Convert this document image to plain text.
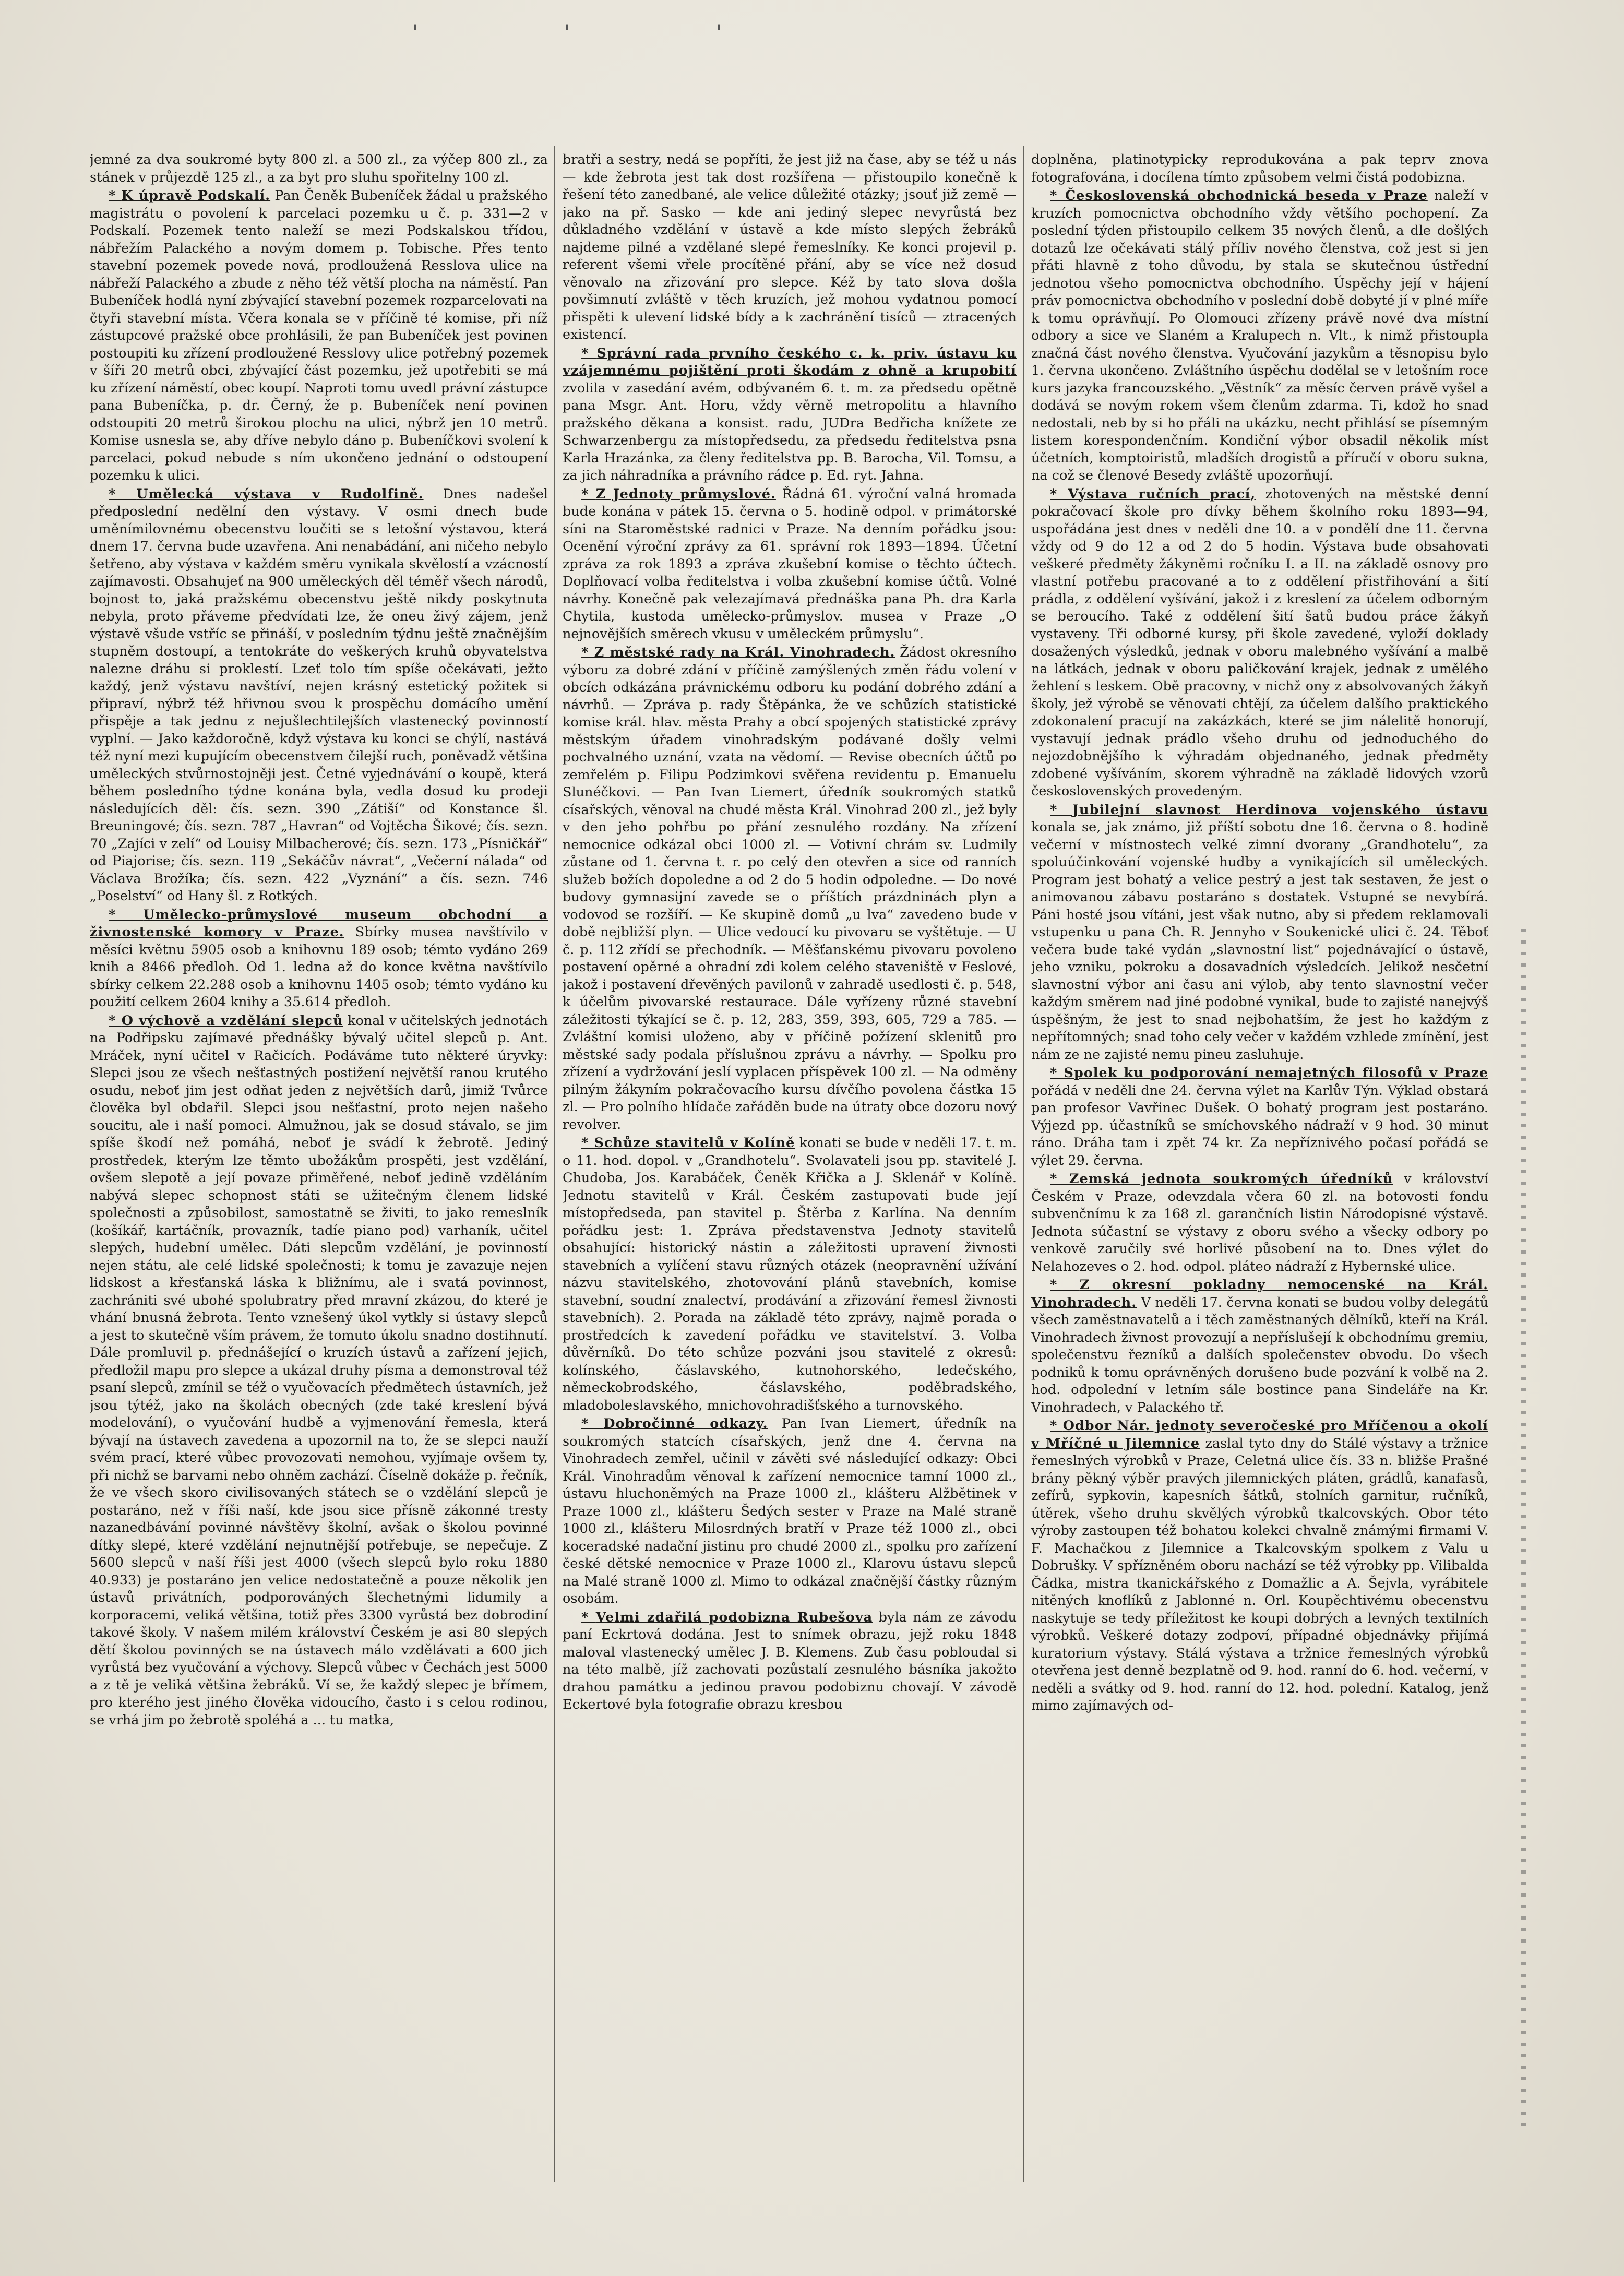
'''

jemné za dva soukromé byty 800 zl. a 500 zl., za výčep 800 zl., za stánek v průjezdě 125 zl., a za byt pro sluhu spořitelny 100 zl.

* K úpravě Podskalí. Pan Čeněk Bubeníček žádal u pražského magistrátu o povolení k parcelaci pozemku u č. p. 331—2 v Podskalí. Pozemek tento naleží se mezi Podskalskou třídou, nábřežím Palackého a novým domem p. Tobische. Přes tento stavební pozemek povede nová, prodloužená Resslova ulice na nábřeží Palackého a zbude z něho též větší plocha na náměstí. Pan Bubeníček hodlá nyní zbývající stavební pozemek rozparcelovati na čtyři stavební místa. Včera konala se v příčině té komise, při níž zástupcové pražské obce prohlásili, že pan Bubeníček jest povinen postoupiti ku zřízení prodloužené Resslovy ulice potřebný pozemek v šíři 20 metrů obci, zbývající část pozemku, jež upotřebiti se má ku zřízení náměstí, obec koupí. Naproti tomu uvedl právní zástupce pana Bubeníčka, p. dr. Černý, že p. Bubeníček není povinen odstoupiti 20 metrů širokou plochu na ulici, nýbrž jen 10 metrů. Komise usnesla se, aby dříve nebylo dáno p. Bubeníčkovi svolení k parcelaci, pokud nebude s ním ukončeno jednání o odstoupení pozemku k ulici.

* Umělecká výstava v Rudolfině. Dnes nadešel předposlední nedělní den výstavy. V osmi dnech bude uměnímilovnému obecenstvu loučiti se s letošní výstavou, která dnem 17. června bude uzavřena. Ani nenabádání, ani ničeho nebylo šetřeno, aby výstava v každém směru vynikala skvělostí a vzácností zajímavosti. Obsahujeť na 900 uměleckých děl téměř všech národů, bojnost to, jaká pražskému obecenstvu ještě nikdy poskytnuta nebyla, proto přáveme předvídati lze, že oneu živý zájem, jenž výstavě všude vstříc se přináší, v posledním týdnu ještě značnějším stupněm dostoupí, a tentokráte do veškerých kruhů obyvatelstva nalezne dráhu si proklestí. Lzeť tolo tím spíše očekávati, ježto každý, jenž výstavu navštíví, nejen krásný estetický požitek si připraví, nýbrž též hřivnou svou k prospěchu domácího umění přispěje a tak jednu z nejušlechtilejších vlastenecký povinností vyplní. — Jako každoročně, když výstava ku konci se chýlí, nastává též nyní mezi kupujícím obecenstvem čilejší ruch, poněvadž většina uměleckých stvůrnostojněji jest. Četné vyjednávání o koupě, která během posledního týdne konána byla, vedla dosud ku prodeji následujících děl: čís. sezn. 390 „Zátiší“ od Konstance šl. Breuningové; čís. sezn. 787 „Havran“ od Vojtěcha Šikové; čís. sezn. 70 „Zajíci v zelí“ od Louisy Milbacherové; čís. sezn. 173 „Písničkář“ od Piajorise; čís. sezn. 119 „Sekáčův návrat“, „Večerní nálada“ od Václava Brožíka; čís. sezn. 422 „Vyznání“ a čís. sezn. 746 „Poselství“ od Hany šl. z Rotkých.

* Umělecko-průmyslové museum obchodní a živnostenské komory v Praze. Sbírky musea navštívilo v měsíci květnu 5905 osob a knihovnu 189 osob; témto vydáno 269 knih a 8466 předloh. Od 1. ledna až do konce května navštívilo sbírky celkem 22.288 osob a knihovnu 1405 osob; témto vydáno ku použití celkem 2604 knihy a 35.614 předloh.

* O výchově a vzdělání slepců konal v učitelských jednotách na Podřipsku zajímavé přednášky bývalý učitel slepců p. Ant. Mráček, nyní učitel v Račicích. Podáváme tuto některé úryvky: Slepci jsou ze všech nešťastných postižení největší ranou krutého osudu, neboť jim jest odňat jeden z největších darů, jimiž Tvůrce člověka byl obdařil. Slepci jsou nešťastní, proto nejen našeho soucitu, ale i naší pomoci. Almužnou, jak se dosud stávalo, se jim spíše škodí než pomáhá, neboť je svádí k žebrotě. Jediný prostředek, kterým lze těmto ubožákům prospěti, jest vzdělání, ovšem slepotě a její povaze přiměřené, neboť jedině vzděláním nabývá slepec schopnost státi se užitečným členem lidské společnosti a způsobilost, samostatně se živiti, to jako remeslník (košíkář, kartáčník, provazník, tadíe piano pod) varhaník, učitel slepých, hudební umělec. Dáti slepcům vzdělání, je povinností nejen státu, ale celé lidské společnosti; k tomu je zavazuje nejen lidskost a křesťanská láska k bližnímu, ale i svatá povinnost, zachrániti své ubohé spolubratry před mravní zkázou, do které je vhání bnusná žebrota. Tento vznešený úkol vytkly si ústavy slepců a jest to skutečně vším právem, že tomuto úkolu snadno dostihnutí. Dále promluvil p. přednášející o kruzích ústavů a zařízení jejich, předložil mapu pro slepce a ukázal druhy písma a demonstroval též psaní slepců, zmínil se též o vyučovacích předmětech ústavních, jež jsou týtéž, jako na školách obecných (zde také kreslení bývá modelování), o vyučování hudbě a vyjmenování řemesla, která bývají na ústavech zavedena a upozornil na to, že se slepci nauží svém prací, které vůbec provozovati nemohou, vyjímaje ovšem ty, při nichž se barvami nebo ohněm zachází. Číselně dokáže p. řečník, že ve všech skoro civilisovaných státech se o vzdělání slepců je postaráno, než v říši naší, kde jsou sice přísně zákonné tresty nazanedbávání povinné návštěvy školní, avšak o školou povinné dítky slepé, které vzdělání nejnutnější potřebuje, se nepečuje. Z 5600 slepců v naší říši jest 4000 (všech slepců bylo roku 1880 40.933) je postaráno jen velice nedostatečně a pouze několik jen ústavů privátních, podporováných šlechetnými lidumily a korporacemi, veliká většina, totiž přes 3300 vyrůstá bez dobrodiní takové školy. V našem milém království Českém je asi 80 slepých dětí školou povinných se na ústavech málo vzdělávati a 600 jich vyrůstá bez vyučování a výchovy. Slepců vůbec v Čechách jest 5000 a z tě je veliká většina žebráků. Ví se, že každý slepec je břímem, pro kterého jest jiného člověka vidoucího, často i s celou rodinou, se vrhá jim po žebrotě spoléhá a ... tu matka,

bratři a sestry, nedá se popříti, že jest již na čase, aby se též u nás — kde žebrota jest tak dost rozšířena — přistoupilo konečně k řešení této zanedbané, ale velice důležité otázky; jsouť již země — jako na př. Sasko — kde ani jediný slepec nevyrůstá bez důkladného vzdělání v ústavě a kde místo slepých žebráků najdeme pilné a vzdělané slepé řemeslníky. Ke konci projevil p. referent všemi vřele procítěné přání, aby se více než dosud věnovalo na zřizování pro slepce. Kéž by tato slova došla povšimnutí zvláště v těch kruzích, jež mohou vydatnou pomocí přispěti k ulevení lidské bídy a k zachránění tisíců — ztracených existencí.

* Správní rada prvního českého c. k. priv. ústavu ku vzájemnému pojištění proti škodám z ohně a krupobití zvolila v zasedání avém, odbývaném 6. t. m. za předsedu opětně pana Msgr. Ant. Horu, vždy věrně metropolitu a hlavního pražského děkana a konsist. radu, JUDra Bedřicha knížete ze Schwarzenbergu za místopředsedu, za předsedu ředitelstva psna Karla Hrazánka, za členy ředitelstva pp. B. Barocha, Vil. Tomsu, a za jich náhradníka a právního rádce p. Ed. ryt. Jahna.

* Z Jednoty průmyslové. Řádná 61. výroční valná hromada bude konána v pátek 15. června o 5. hodině odpol. v primátorské síni na Staroměstské radnici v Praze. Na denním pořádku jsou: Ocenění výroční zprávy za 61. správní rok 1893—1894. Účetní zpráva za rok 1893 a zpráva zkušební komise o těchto účtech. Doplňovací volba ředitelstva i volba zkušební komise účtů. Volné návrhy. Konečně pak velezajímavá přednáška pana Ph. dra Karla Chytila, kustoda umělecko-průmyslov. musea v Praze „O nejnovějších směrech vkusu v uměleckém průmyslu“.

* Z městské rady na Král. Vinohradech. Žádost okresního výboru za dobré zdání v příčině zamýšlených změn řádu volení v obcích odkázána právnickému odboru ku podání dobrého zdání a návrhů. — Zpráva p. rady Štěpánka, že ve schůzích statistické komise král. hlav. města Prahy a obcí spojených statistické zprávy městským úřadem vinohradským podávané došly velmi pochvalného uznání, vzata na vědomí. — Revise obecních účtů po zemřelém p. Filipu Podzimkovi svěřena revidentu p. Emanuelu Slunéčkovi. — Pan Ivan Liemert, úředník soukromých statků císařských, věnoval na chudé města Král. Vinohrad 200 zl., jež byly v den jeho pohřbu po přání zesnulého rozdány. Na zřízení nemocnice odkázal obci 1000 zl. — Votivní chrám sv. Ludmily zůstane od 1. června t. r. po celý den otevřen a sice od ranních služeb božích dopoledne a od 2 do 5 hodin odpoledne. — Do nové budovy gymnasijní zavede se o příštích prázdninách plyn a vodovod se rozšíří. — Ke skupině domů „u lva“ zavedeno bude v době nejbližší plyn. — Ulice vedoucí ku pivovaru se vyštětuje. — U č. p. 112 zřídí se přechodník. — Měšťanskému pivovaru povoleno postavení opěrné a ohradní zdi kolem celého staveniště v Feslové, jakož i postavení dřevěných pavilonů v zahradě usedlosti č. p. 548, k účelům pivovarské restaurace. Dále vyřízeny různé stavební záležitosti týkající se č. p. 12, 283, 359, 393, 605, 729 a 785. — Zvláštní komisi uloženo, aby v příčině požízení sklenitů pro městské sady podala příslušnou zprávu a návrhy. — Spolku pro zřízení a vydržování jeslí vyplacen příspěvek 100 zl. — Na odměny pilným žákyním pokračovacího kursu dívčího povolena částka 15 zl. — Pro polního hlídače zařáděn bude na útraty obce dozoru nový revolver.

* Schůze stavitelů v Kolíně konati se bude v neděli 17. t. m. o 11. hod. dopol. v „Grandhotelu“. Svolavateli jsou pp. stavitelé J. Chudoba, Jos. Karabáček, Čeněk Křička a J. Sklenář v Kolíně. Jednotu stavitelů v Král. Českém zastupovati bude její místopředseda, pan stavitel p. Štěrba z Karlína. Na denním pořádku jest: 1. Zpráva představenstva Jednoty stavitelů obsahující: historický nástin a záležitosti upravení živnosti stavebních a vylíčení stavu různých otázek (neopravnění užívání názvu stavitelského, zhotovování plánů stavebních, komise stavební, soudní znalectví, prodávání a zřizování řemesl živnosti stavebních). 2. Porada na základě této zprávy, najmě porada o prostředcích k zavedení pořádku ve stavitelství. 3. Volba důvěrníků. Do této schůze pozváni jsou stavitelé z okresů: kolínského, čáslavského, kutnohorského, ledečského, německobrodského, čáslavského, poděbradského, mladoboleslavského, mnichovohradišťského a turnovského.

* Dobročinné odkazy. Pan Ivan Liemert, úředník na soukromých statcích císařských, jenž dne 4. června na Vinohradech zemřel, učinil v závěti své následující odkazy: Obci Král. Vinohradům věnoval k zařízení nemocnice tamní 1000 zl., ústavu hluchoněmých na Praze 1000 zl., klášteru Alžbětinek v Praze 1000 zl., klášteru Šedých sester v Praze na Malé straně 1000 zl., klášteru Milosrdných bratří v Praze též 1000 zl., obci koceradské nadační jistinu pro chudé 2000 zl., spolku pro zařízení české dětské nemocnice v Praze 1000 zl., Klarovu ústavu slepců na Malé straně 1000 zl. Mimo to odkázal značnější částky různým osobám.

* Velmi zdařilá podobizna Rubešova byla nám ze závodu paní Eckrtová dodána. Jest to snímek obrazu, jejž roku 1848 maloval vlastenecký umělec J. B. Klemens. Zub času pobloudal si na této malbě, jíž zachovati pozůstalí zesnulého básníka jakožto drahou památku a jedinou pravou podobiznu chovají. V závodě Eckertové byla fotografie obrazu kresbou

doplněna, platinotypicky reprodukována a pak teprv znova fotografována, i docílena tímto způsobem velmi čistá podobizna.

* Československá obchodnická beseda v Praze naleží v kruzích pomocnictva obchodního vždy většího pochopení. Za poslední týden přistoupilo celkem 35 nových členů, a dle došlých dotazů lze očekávati stálý příliv nového členstva, což jest si jen přáti hlavně z toho důvodu, by stala se skutečnou ústřední jednotou všeho pomocnictva obchodního. Úspěchy její v hájení práv pomocnictva obchodního v poslední době dobyté jí v plné míře k tomu oprávňují. Po Olomouci zřízeny právě nové dva místní odbory a sice ve Slaném a Kralupech n. Vlt., k nimž přistoupla značná část nového členstva. Vyučování jazykům a těsnopisu bylo 1. června ukončeno. Zvláštního úspěchu dodělal se v letošním roce kurs jazyka francouzského. „Věstník“ za měsíc červen právě vyšel a dodává se novým rokem všem členům zdarma. Ti, kdož ho snad nedostali, neb by si ho přáli na ukázku, necht přihlásí se písemným listem korespondenčním. Kondiční výbor obsadil několik míst účetních, komptoiristů, mladších drogistů a příručí v oboru sukna, na což se členové Besedy zvláště upozorňují.

* Výstava ručních prací, zhotovených na městské denní pokračovací škole pro dívky během školního roku 1893—94, uspořádána jest dnes v neděli dne 10. a v pondělí dne 11. června vždy od 9 do 12 a od 2 do 5 hodin. Výstava bude obsahovati veškeré předměty žákyněmi ročníku I. a II. na základě osnovy pro vlastní potřebu pracované a to z oddělení přistřihování a šití prádla, z oddělení vyšívání, jakož i z kreslení za účelem odborným se beroucího. Také z oddělení šití šatů budou práce žákyň vystaveny. Tři odborné kursy, při škole zavedené, vyloží doklady dosažených výsledků, jednak v oboru malebného vyšívání a malbě na látkách, jednak v oboru paličkování krajek, jednak z umělého žehlení s leskem. Obě pracovny, v nichž ony z absolvovaných žákyň školy, jež výrobě se věnovati chtějí, za účelem dalšího praktického zdokonalení pracují na zakázkách, které se jim nálelitě honorují, vystavují jednak prádlo všeho druhu od jednoduchého do nejozdobnějšího k výhradám objednaného, jednak předměty zdobené vyšíváním, skorem výhradně na základě lidových vzorů československých provedeným.

* Jubilejní slavnost Herdinova vojenského ústavu konala se, jak známo, již příští sobotu dne 16. června o 8. hodině večerní v místnostech velké zimní dvorany „Grandhotelu“, za spoluúčinkování vojenské hudby a vynikajících sil uměleckých. Program jest bohatý a velice pestrý a jest tak sestaven, že jest o animovanou zábavu postaráno s dostatek. Vstupné se nevybírá. Páni hosté jsou vítáni, jest však nutno, aby si předem reklamovali vstupenku u pana Ch. R. Jennyho v Soukenické ulici č. 24. Těboť večera bude také vydán „slavnostní list“ pojednávající o ústavě, jeho vzniku, pokroku a dosavadních výsledcích. Jelikož nesčetní slavnostní výbor ani času ani výlob, aby tento slavnostní večer každým směrem nad jiné podobné vynikal, bude to zajisté nanejvýš úspěšným, že jest to snad nejbohatším, že jest ho každým z nepřítomných; snad toho cely večer v každém vzhlede zmínění, jest nám ze ne zajisté nemu pineu zasluhuje.

* Spolek ku podporování nemajetných filosofů v Praze pořádá v neděli dne 24. června výlet na Karlův Týn. Výklad obstará pan profesor Vavřinec Dušek. O bohatý program jest postaráno. Výjezd pp. účastníků se smíchovského nádraží v 9 hod. 30 minut ráno. Dráha tam i zpět 74 kr. Za nepříznivého počasí pořádá se výlet 29. června.

* Zemská jednota soukromých úředníků v království Českém v Praze, odevzdala včera 60 zl. na botovosti fondu subvenčnímu k za 168 zl. garančních listin Národopisné výstavě. Jednota súčastní se výstavy z oboru svého a všecky odbory po venkově zaručily své horlivé působení na to. Dnes výlet do Nelahozeves o 2. hod. odpol. pláteo nádraží z Hybernské ulice.

* Z okresní pokladny nemocenské na Král. Vinohradech. V neděli 17. června konati se budou volby delegátů všech zaměstnavatelů a i těch zaměstnaných dělníků, kteří na Král. Vinohradech živnost provozují a nepříslušejí k obchodnímu gremiu, společenstvu řezníků a dalších společenstev obvodu. Do všech podniků k tomu oprávněných dorušeno bude pozvání k volbě na 2. hod. odpolední v letním sále bostince pana Sindeláře na Kr. Vinohradech, v Palackého tř.

* Odbor Nár. jednoty severočeské pro Mříčenou a okolí v Mříčné u Jilemnice zaslal tyto dny do Stálé výstavy a tržnice řemeslných výrobků v Praze, Celetná ulice čís. 33 n. bližše Prašné brány pěkný výběr pravých jilemnických pláten, grádlů, kanafasů, zefírů, sypkovin, kapesních šátků, stolních garnitur, ručníků, útěrek, všeho druhu skvělých výrobků tkalcovských. Obor této výroby zastoupen též bohatou kolekci chvalně známými firmami V. F. Machačkou z Jilemnice a Tkalcovským spolkem z Valu u Dobrušky. V spřízněném oboru nachází se též výrobky pp. Vilibalda Čádka, mistra tkanickářského z Domažlic a A. Šejvla, vyrábitele nitěných knoflíků z Jablonné n. Orl. Koupěchtivému obecenstvu naskytuje se tedy příležitost ke koupi dobrých a levných textilních výrobků. Veškeré dotazy zodpoví, případné objednávky přijímá kuratorium výstavy. Stálá výstava a tržnice řemeslných výrobků otevřena jest denně bezplatně od 9. hod. ranní do 6. hod. večerní, v neděli a svátky od 9. hod. ranní do 12. hod. polední. Katalog, jenž mimo zajímavých od-
